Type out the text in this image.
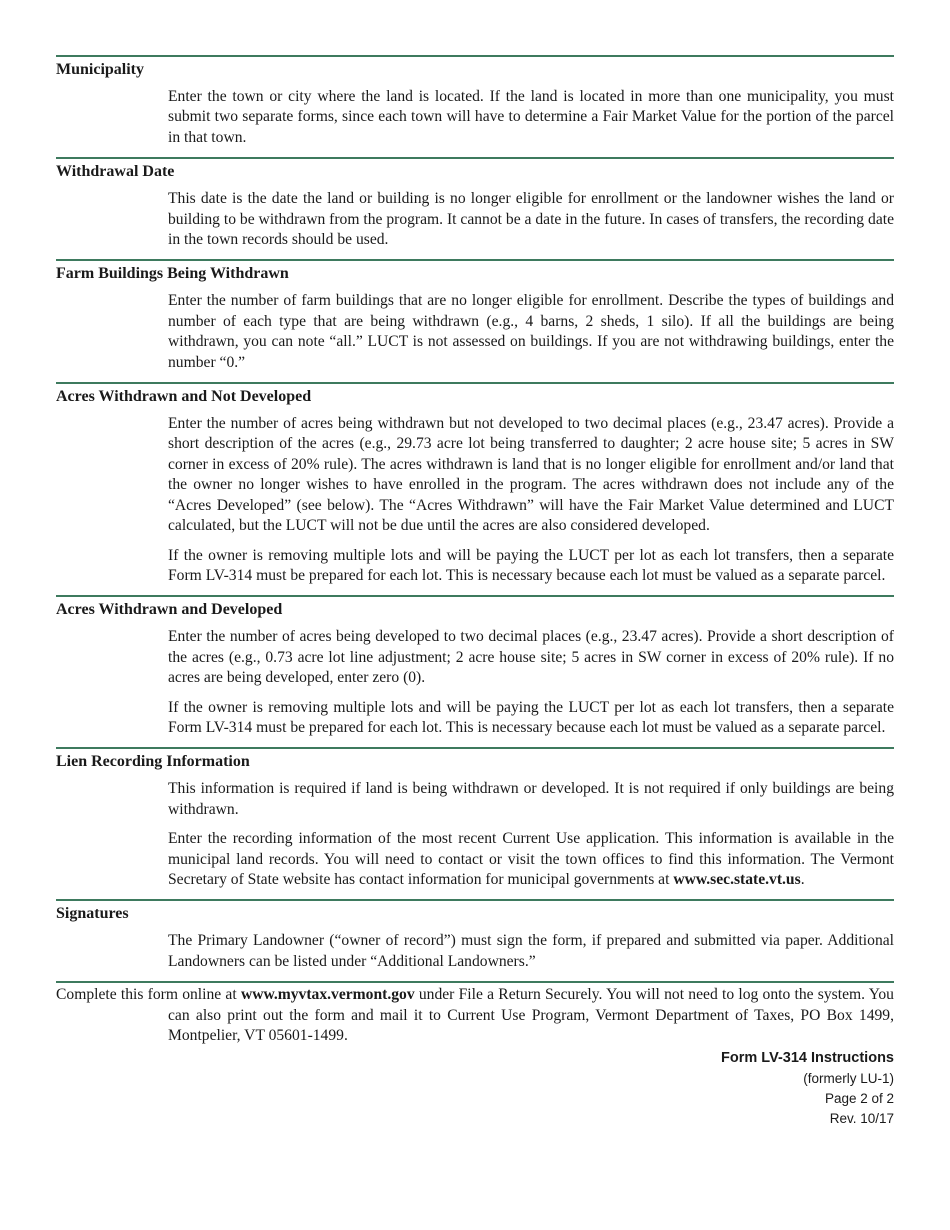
Municipality

Enter the town or city where the land is located. If the land is located in more than one municipality, you must submit two separate forms, since each town will have to determine a Fair Market Value for the portion of the parcel in that town.

Withdrawal Date

This date is the date the land or building is no longer eligible for enrollment or the landowner wishes the land or building to be withdrawn from the program. It cannot be a date in the future. In cases of transfers, the recording date in the town records should be used.

Farm Buildings Being Withdrawn

Enter the number of farm buildings that are no longer eligible for enrollment. Describe the types of buildings and number of each type that are being withdrawn (e.g., 4 barns, 2 sheds, 1 silo). If all the buildings are being withdrawn, you can note “all.” LUCT is not assessed on buildings. If you are not withdrawing buildings, enter the number “0.”

Acres Withdrawn and Not Developed

Enter the number of acres being withdrawn but not developed to two decimal places (e.g., 23.47 acres). Provide a short description of the acres (e.g., 29.73 acre lot being transferred to daughter; 2 acre house site; 5 acres in SW corner in excess of 20% rule). The acres withdrawn is land that is no longer eligible for enrollment and/or land that the owner no longer wishes to have enrolled in the program. The acres withdrawn does not include any of the “Acres Developed” (see below). The “Acres Withdrawn” will have the Fair Market Value determined and LUCT calculated, but the LUCT will not be due until the acres are also considered developed.

If the owner is removing multiple lots and will be paying the LUCT per lot as each lot transfers, then a separate Form LV-314 must be prepared for each lot. This is necessary because each lot must be valued as a separate parcel.

Acres Withdrawn and Developed

Enter the number of acres being developed to two decimal places (e.g., 23.47 acres). Provide a short description of the acres (e.g., 0.73 acre lot line adjustment; 2 acre house site; 5 acres in SW corner in excess of 20% rule). If no acres are being developed, enter zero (0).

If the owner is removing multiple lots and will be paying the LUCT per lot as each lot transfers, then a separate Form LV-314 must be prepared for each lot. This is necessary because each lot must be valued as a separate parcel.

Lien Recording Information

This information is required if land is being withdrawn or developed. It is not required if only buildings are being withdrawn.

Enter the recording information of the most recent Current Use application. This information is available in the municipal land records. You will need to contact or visit the town offices to find this information. The Vermont Secretary of State website has contact information for municipal governments at www.sec.state.vt.us.

Signatures

The Primary Landowner (“owner of record”) must sign the form, if prepared and submitted via paper. Additional Landowners can be listed under “Additional Landowners.”

Complete this form online at www.myvtax.vermont.gov under File a Return Securely. You will not need to log onto the system. You can also print out the form and mail it to Current Use Program, Vermont Department of Taxes, PO Box 1499, Montpelier, VT 05601-1499.
Form LV-314 Instructions
(formerly LU-1)
Page 2 of 2
Rev. 10/17
